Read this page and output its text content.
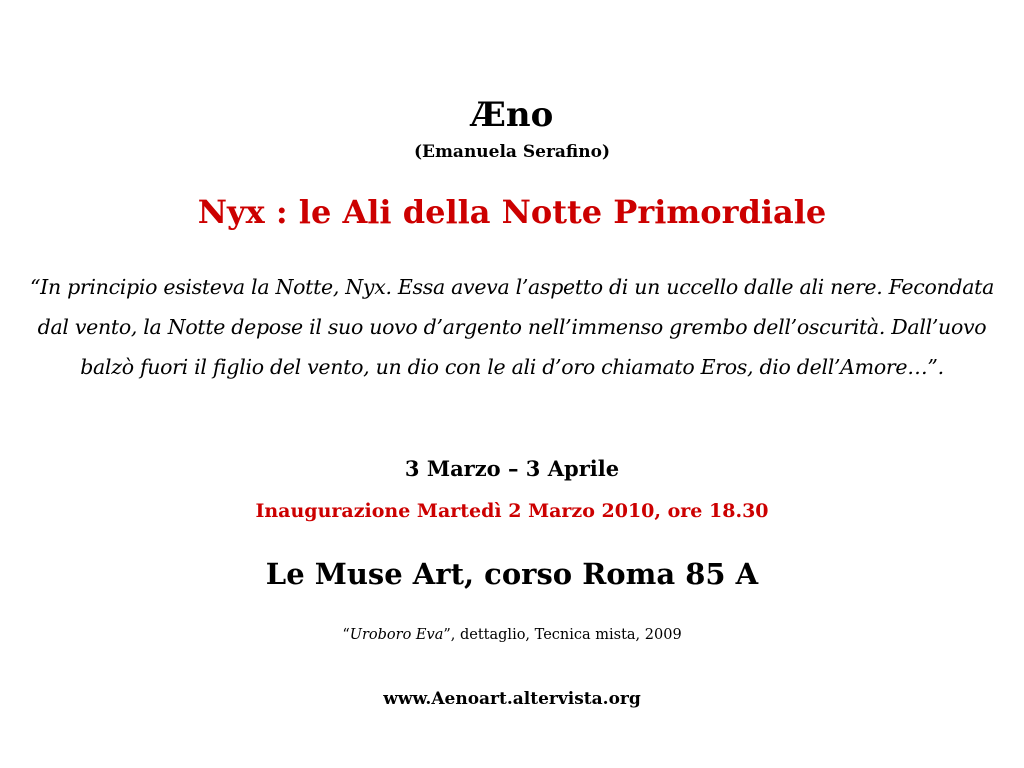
Æno
(Emanuela Serafino)
Nyx : le Ali della Notte Primordiale
“In principio esisteva la Notte, Nyx. Essa aveva l’aspetto di un uccello dalle ali nere. Fecondata dal vento, la Notte depose il suo uovo d’argento nell’immenso grembo dell’oscurità. Dall’uovo balzò fuori il figlio del vento, un dio con le ali d’oro chiamato Eros, dio dell’Amore…”.
3 Marzo – 3 Aprile
Inaugurazione Martedì 2 Marzo 2010, ore 18.30
Le Muse Art, corso Roma 85 A
“Uroboro Eva”, dettaglio, Tecnica mista, 2009
www.Aenoart.altervista.org
